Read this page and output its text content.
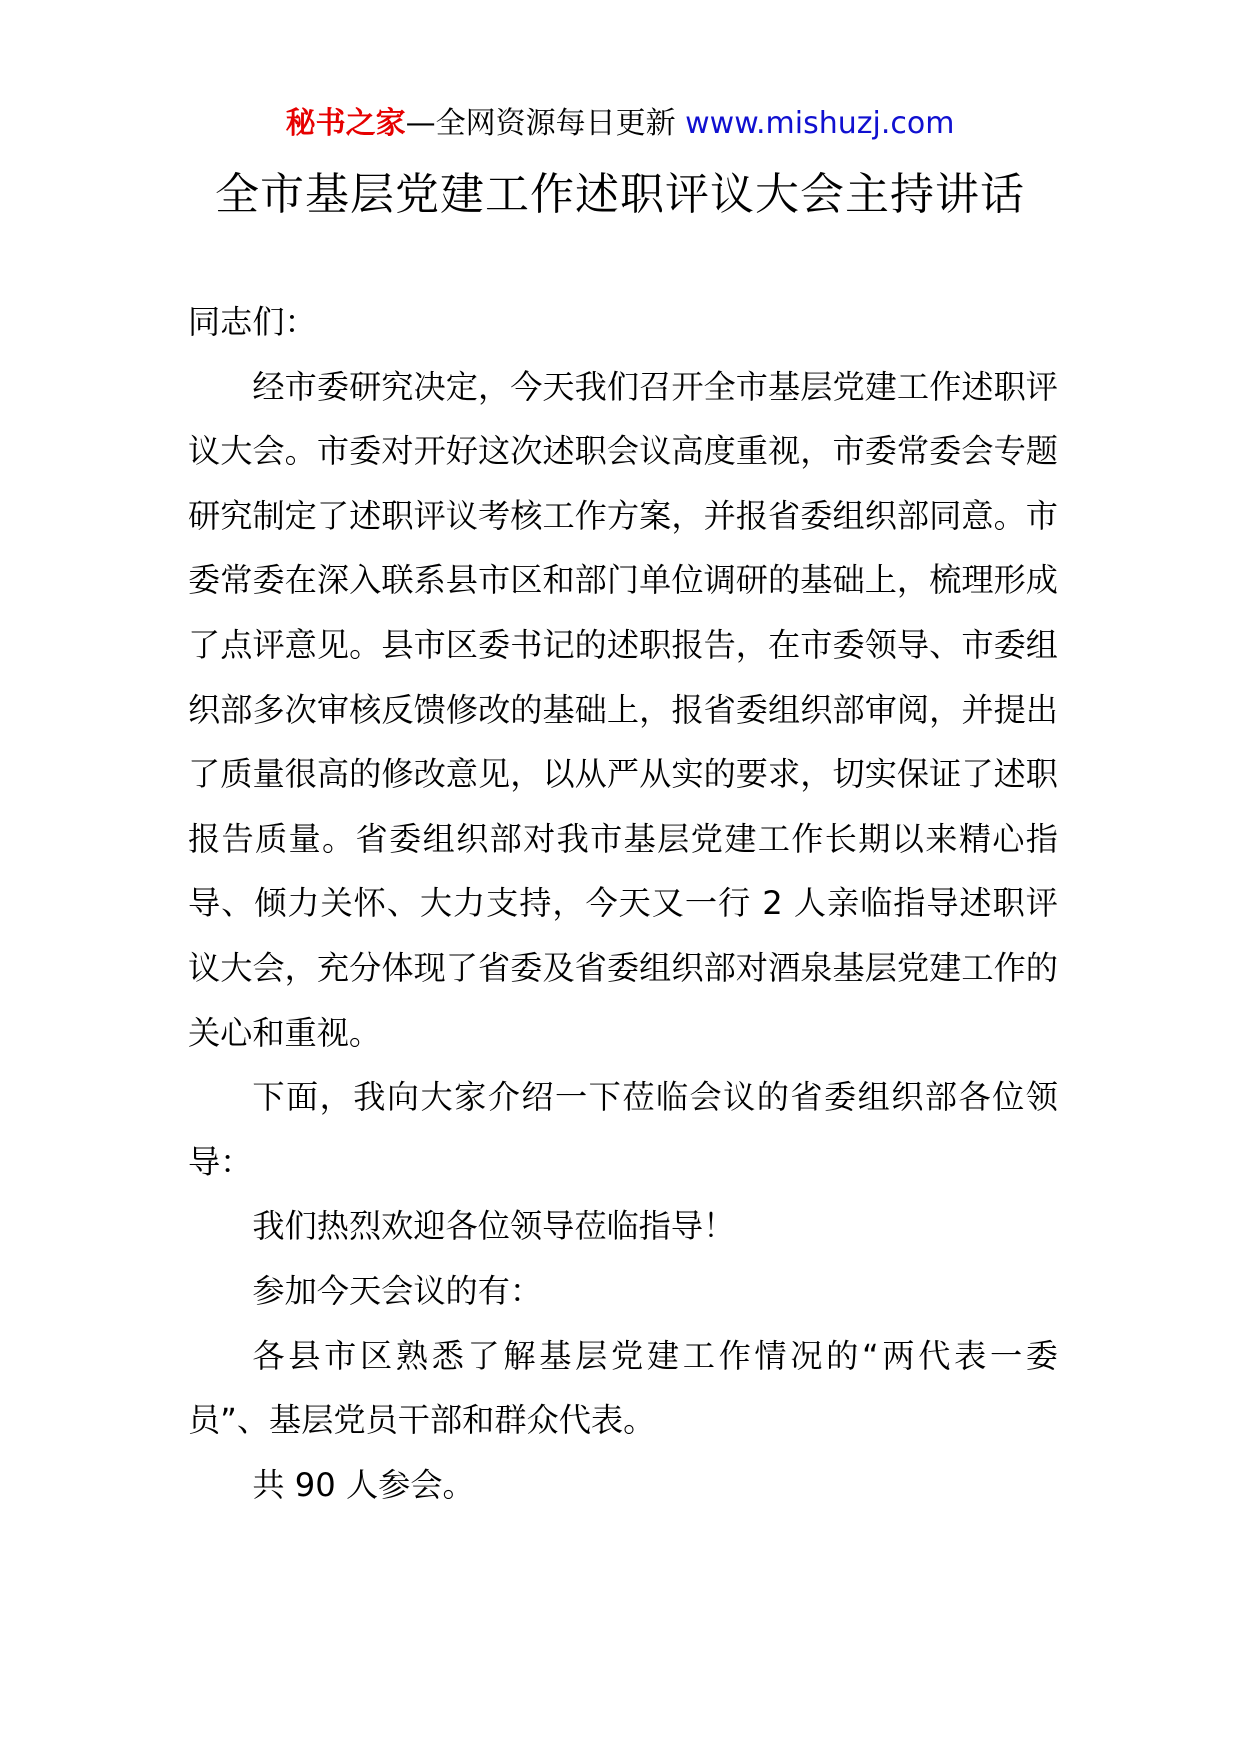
秘书之家—全网资源每日更新 www.mishuzj.com
全市基层党建工作述职评议大会主持讲话

同志们：

经市委研究决定，今天我们召开全市基层党建工作述职评议大会。市委对开好这次述职会议高度重视，市委常委会专题研究制定了述职评议考核工作方案，并报省委组织部同意。市委常委在深入联系县市区和部门单位调研的基础上，梳理形成了点评意见。县市区委书记的述职报告，在市委领导、市委组织部多次审核反馈修改的基础上，报省委组织部审阅，并提出了质量很高的修改意见，以从严从实的要求，切实保证了述职报告质量。省委组织部对我市基层党建工作长期以来精心指导、倾力关怀、大力支持，今天又一行 2 人亲临指导述职评议大会，充分体现了省委及省委组织部对酒泉基层党建工作的关心和重视。

下面，我向大家介绍一下莅临会议的省委组织部各位领导：

我们热烈欢迎各位领导莅临指导！

参加今天会议的有：

各县市区熟悉了解基层党建工作情况的“两代表一委员”、基层党员干部和群众代表。

共 90 人参会。
